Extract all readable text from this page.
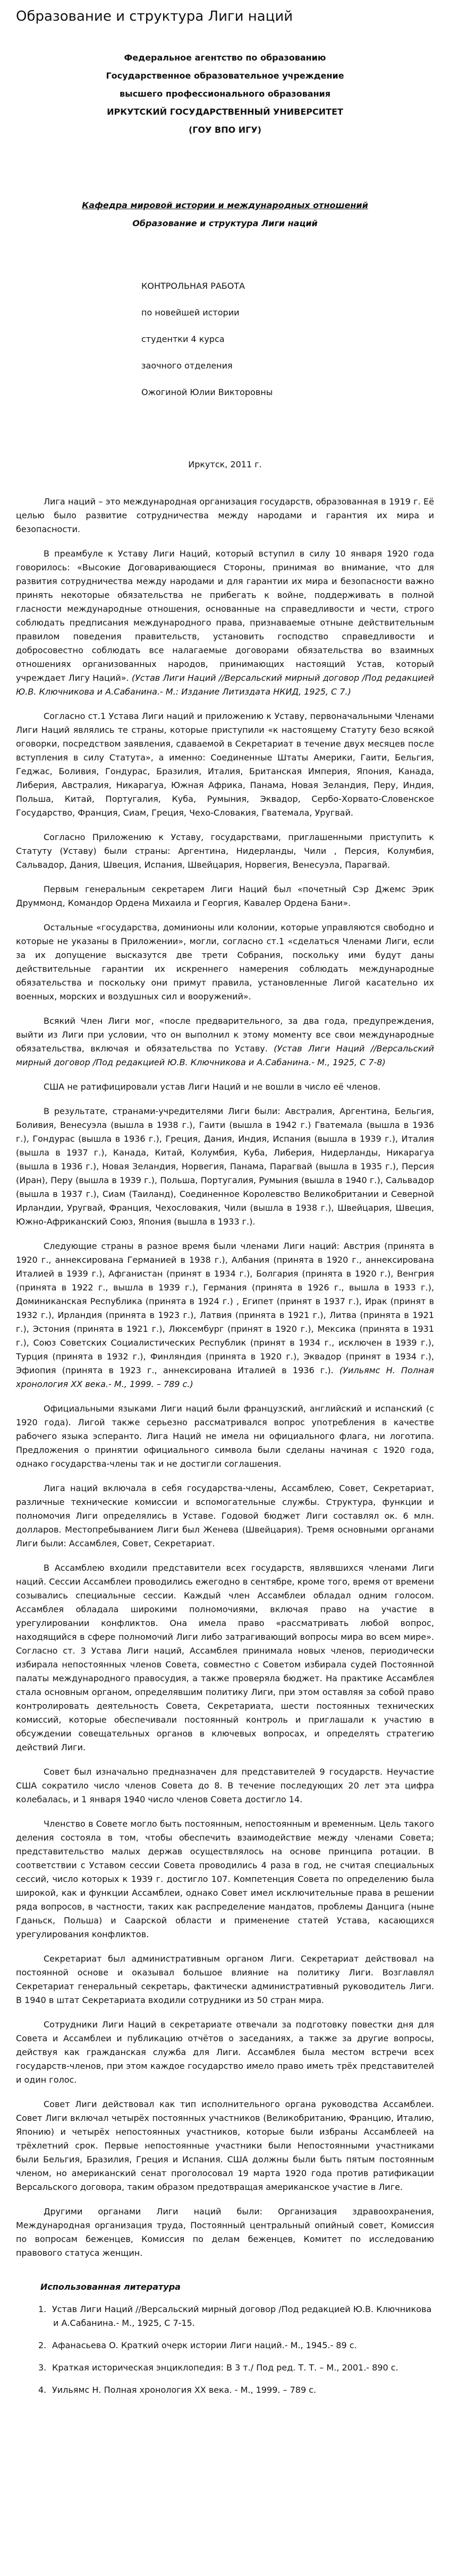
Образование и структура Лиги наций
Федеральное агентство по образованию
Государственное образовательное учреждение
высшего профессионального образования
ИРКУТСКИЙ ГОСУДАРСТВЕННЫЙ УНИВЕРСИТЕТ
(ГОУ ВПО ИГУ)
Кафедра мировой истории и международных отношений
Образование и структура Лиги наций
КОНТРОЛЬНАЯ РАБОТА
по новейшей истории
студентки 4 курса
заочного отделения
Ожогиной Юлии Викторовны
Иркутск, 2011 г.

Лига наций – это международная организация государств, образованная в 1919 г. Её целью было развитие сотрудничества между народами и гарантия их мира и безопасности.

В преамбуле к Уставу Лиги Наций, который вступил в силу 10 января 1920 года говорилось: «Высокие Договаривающиеся Стороны, принимая во внимание, что для развития сотрудничества между народами и для гарантии их мира и безопасности важно принять некоторые обязательства не прибегать к войне, поддерживать в полной гласности международные отношения, основанные на справедливости и чести, строго соблюдать предписания международного права, признаваемые отныне действительным правилом поведения правительств, установить господство справедливости и добросовестно соблюдать все налагаемые договорами обязательства во взаимных отношениях организованных народов, принимающих настоящий Устав, который учреждает Лигу Наций». (Устав Лиги Наций //Версальский мирный договор /Под редакцией Ю.В. Ключникова и А.Сабанина.- М.: Издание Литиздата НКИД, 1925, С 7.)

Согласно ст.1 Устава Лиги наций и приложению к Уставу, первоначальными Членами Лиги Наций являлись те страны, которые приступили «к настоящему Статуту безо всякой оговорки, посредством заявления, сдаваемой в Секретариат в течение двух месяцев после вступления в силу Статута», а именно: Соединенные Штаты Америки, Гаити, Бельгия, Геджас, Боливия, Гондурас, Бразилия, Италия, Британская Империя, Япония, Канада, Либерия, Австралия, Никарагуа, Южная Африка, Панама, Новая Зеландия, Перу, Индия, Польша, Китай, Португалия, Куба, Румыния, Эквадор, Сербо-Хорвато-Словенское Государство, Франция, Сиам, Греция, Чехо-Словакия, Гватемала, Уругвай.

Согласно Приложению к Уставу, государствами, приглашенными приступить к Статуту (Уставу) были страны: Аргентина, Нидерланды, Чили , Персия, Колумбия, Сальвадор, Дания, Швеция, Испания, Швейцария, Норвегия, Венесуэла, Парагвай.

Первым генеральным секретарем Лиги Наций был «почетный Сэр Джемс Эрик Друммонд, Командор Ордена Михаила и Георгия, Кавалер Ордена Бани».

Остальные «государства, доминионы или колонии, которые управляются свободно и которые не указаны в Приложении», могли, согласно ст.1 «сделаться Членами Лиги, если за их допущение высказутся две трети Собрания, поскольку ими будут даны действительные гарантии их искреннего намерения соблюдать международные обязательства и поскольку они примут правила, установленные Лигой касательно их военных, морских и воздушных сил и вооружений».

Всякий Член Лиги мог, «после предварительного, за два года, предупреждения, выйти из Лиги при условии, что он выполнил к этому моменту все свои международные обязательства, включая и обязательства по Уставу. (Устав Лиги Наций //Версальский мирный договор /Под редакцией Ю.В. Ключникова и А.Сабанина.- М., 1925, С 7-8)

США не ратифицировали устав Лиги Наций и не вошли в число её членов.

В результате, странами-учредителями Лиги были: Австралия, Аргентина, Бельгия, Боливия, Венесуэла (вышла в 1938 г.), Гаити (вышла в 1942 г.) Гватемала (вышла в 1936 г.), Гондурас (вышла в 1936 г.), Греция, Дания, Индия, Испания (вышла в 1939 г.), Италия (вышла в 1937 г.), Канада, Китай, Колумбия, Куба, Либерия, Нидерланды, Никарагуа (вышла в 1936 г.), Новая Зеландия, Норвегия, Панама, Парагвай (вышла в 1935 г.), Персия (Иран), Перу (вышла в 1939 г.), Польша, Португалия, Румыния (вышла в 1940 г.), Сальвадор (вышла в 1937 г.), Сиам (Таиланд), Соединенное Королевство Великобритании и Северной Ирландии, Уругвай, Франция, Чехословакия, Чили (вышла в 1938 г.), Швейцария, Швеция, Южно-Африканский Союз, Япония (вышла в 1933 г.).

Следующие страны в разное время были членами Лиги наций: Австрия (принята в 1920 г., аннексирована Германией в 1938 г.), Албания (принята в 1920 г., аннексирована Италией в 1939 г.), Афганистан (принят в 1934 г.), Болгария (принята в 1920 г.), Венгрия (принята в 1922 г., вышла в 1939 г.), Германия (принята в 1926 г., вышла в 1933 г.), Доминиканская Республика (принята в 1924 г.) , Египет (принят в 1937 г.), Ирак (принят в 1932 г.), Ирландия (принята в 1923 г.), Латвия (принята в 1921 г.), Литва (принята в 1921 г.), Эстония (принята в 1921 г.), Люксембург (принят в 1920 г.), Мексика (принята в 1931 г.), Союз Советских Социалистических Республик (принят в 1934 г., исключен в 1939 г.), Турция (принята в 1932 г.), Финляндия (принята в 1920 г.), Эквадор (принят в 1934 г.), Эфиопия (принята в 1923 г., аннексирована Италией в 1936 г.). (Уильямс Н. Полная хронология XX века.- М., 1999. – 789 с.)

Официальными языками Лиги наций были французский, английский и испанский (с 1920 года). Лигой также серьезно рассматривался вопрос употребления в качестве рабочего языка эсперанто. Лига Наций не имела ни официального флага, ни логотипа. Предложения о принятии официального символа были сделаны начиная с 1920 года, однако государства-члены так и не достигли соглашения.

Лига наций включала в себя государства-члены, Ассамблею, Совет, Секретариат, различные технические комиссии и вспомогательные службы. Структура, функции и полномочия Лиги определялись в Уставе. Годовой бюджет Лиги составлял ок. 6 млн. долларов. Местопребыванием Лиги был Женева (Швейцария). Тремя основными органами Лиги были: Ассамблея, Совет, Секретариат.

В Ассамблею входили представители всех государств, являвшихся членами Лиги наций. Сессии Ассамблеи проводились ежегодно в сентябре, кроме того, время от времени созывались специальные сессии. Каждый член Ассамблеи обладал одним голосом. Ассамблея обладала широкими полномочиями, включая право на участие в урегулировании конфликтов. Она имела право «рассматривать любой вопрос, находящийся в сфере полномочий Лиги либо затрагивающий вопросы мира во всем мире». Согласно ст. 3 Устава Лиги наций, Ассамблея принимала новых членов, периодически избирала непостоянных членов Совета, совместно с Советом избирала судей Постоянной палаты международного правосудия, а также проверяла бюджет. На практике Ассамблея стала основным органом, определявшим политику Лиги, при этом оставляя за собой право контролировать деятельность Совета, Секретариата, шести постоянных технических комиссий, которые обеспечивали постоянный контроль и приглашали к участию в обсуждении совещательных органов в ключевых вопросах, и определять стратегию действий Лиги.

Совет был изначально предназначен для представителей 9 государств. Неучастие США сократило число членов Совета до 8. В течение последующих 20 лет эта цифра колебалась, и 1 января 1940 число членов Совета достигло 14.

Членство в Совете могло быть постоянным, непостоянным и временным. Цель такого деления состояла в том, чтобы обеспечить взаимодействие между членами Совета; представительство малых держав осуществлялось на основе принципа ротации. В соответствии с Уставом сессии Совета проводились 4 раза в год, не считая специальных сессий, число которых к 1939 г. достигло 107. Компетенция Совета по определению была широкой, как и функции Ассамблеи, однако Совет имел исключительные права в решении ряда вопросов, в частности, таких как распределение мандатов, проблемы Данцига (ныне Гданьск, Польша) и Саарской области и применение статей Устава, касающихся урегулирования конфликтов.

Секретариат был административным органом Лиги. Секретариат действовал на постоянной основе и оказывал большое влияние на политику Лиги. Возглавлял Секретариат генеральный секретарь, фактически административный руководитель Лиги. В 1940 в штат Секретариата входили сотрудники из 50 стран мира.

Сотрудники Лиги Наций в секретариате отвечали за подготовку повестки дня для Совета и Ассамблеи и публикацию отчётов о заседаниях, а также за другие вопросы, действуя как гражданская служба для Лиги. Ассамблея была местом встречи всех государств-членов, при этом каждое государство имело право иметь трёх представителей и один голос.

Совет Лиги действовал как тип исполнительного органа руководства Ассамблеи. Совет Лиги включал четырёх постоянных участников (Великобританию, Францию, Италию, Японию) и четырёх непостоянных участников, которые были избраны Ассамблеей на трёхлетний срок. Первые непостоянные участники были Непостоянными участниками были Бельгия, Бразилия, Греция и Испания. США должны были быть пятым постоянным членом, но американский сенат проголосовал 19 марта 1920 года против ратификации Версальского договора, таким образом предотвращая американское участие в Лиге.

Другими органами Лиги наций были: Организация здравоохранения, Международная организация труда, Постоянный центральный опийный совет, Комиссия по вопросам беженцев, Комиссия по делам беженцев, Комитет по исследованию правового статуса женщин.

Использованная литература
1. Устав Лиги Наций //Версальский мирный договор /Под редакцией Ю.В. Ключникова и А.Сабанина.- М., 1925, С 7-15.
2. Афанасьева О. Краткий очерк истории Лиги наций.- М., 1945.- 89 с.
3. Краткая историческая энциклопедия: В 3 т./ Под ред. Т. Т. – М., 2001.- 890 с.
4. Уильямс Н. Полная хронология XX века. - М., 1999. – 789 с.
